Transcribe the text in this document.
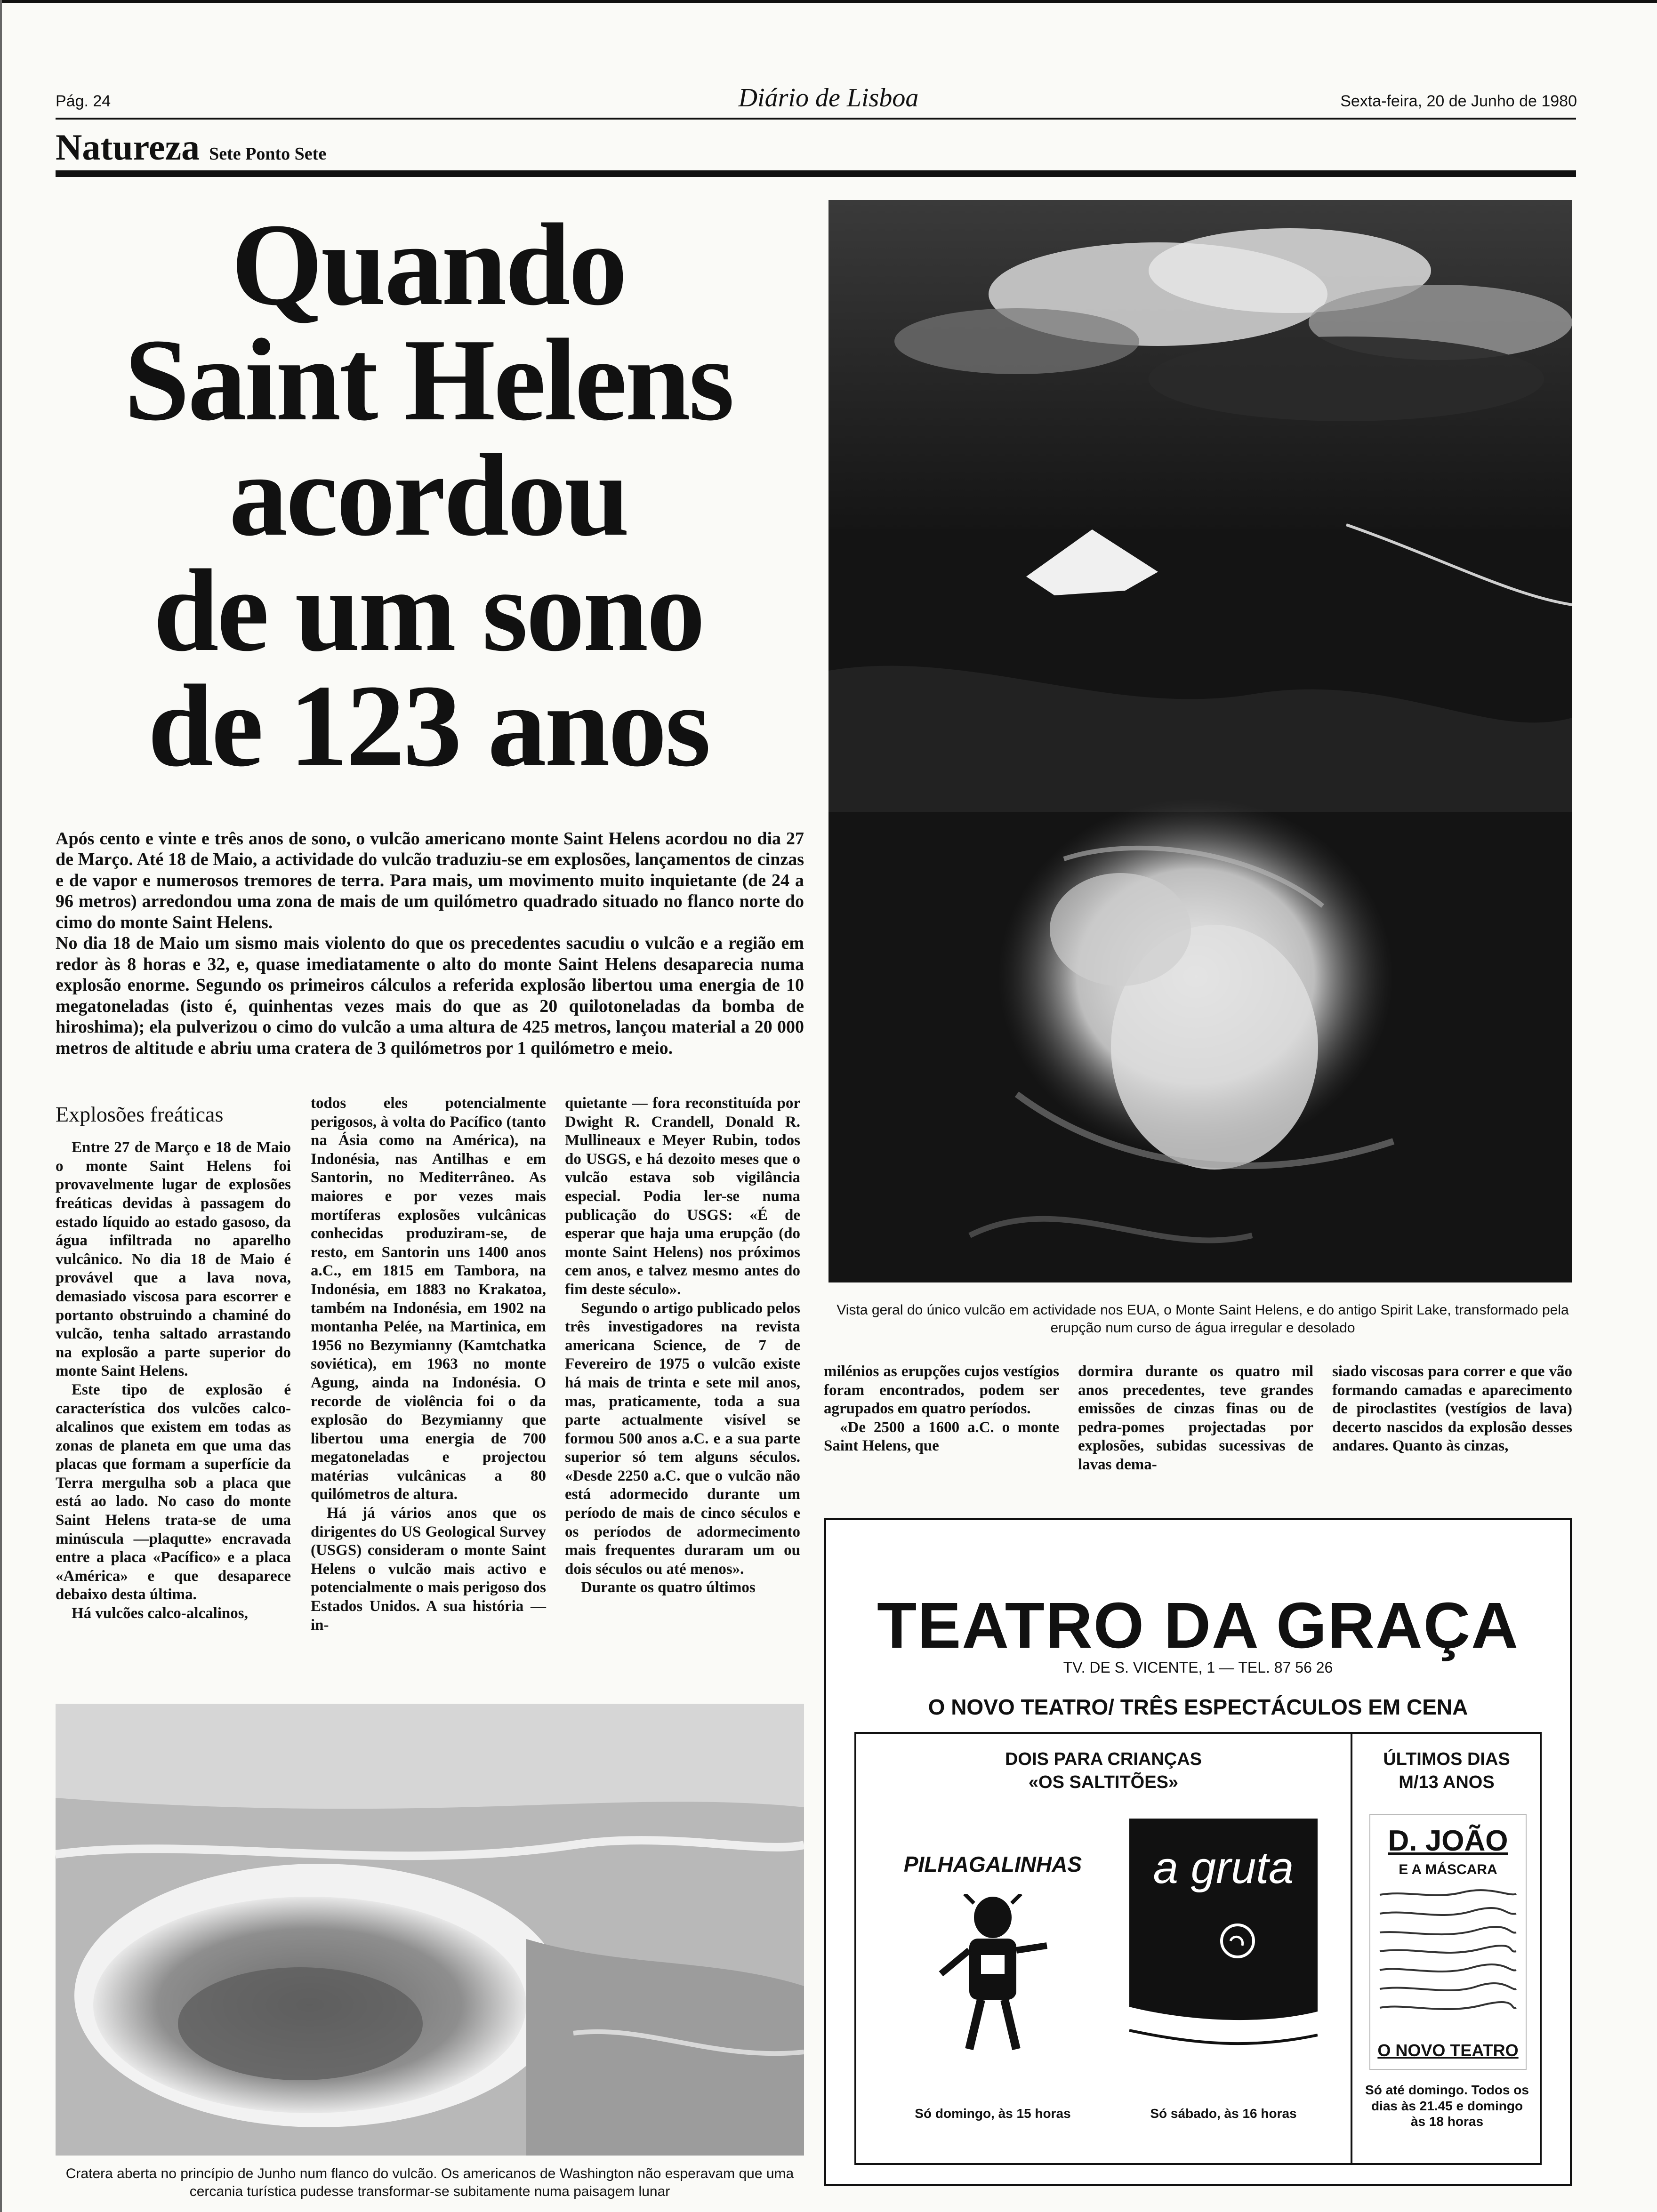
Pág. 24	Diário de Lisboa	Sexta-feira, 20 de Junho de 1980
Natureza Sete Ponto Sete
Quando
Saint Helens
acordou
de um sono
de 123 anos

Após cento e vinte e três anos de sono, o vulcão americano monte Saint Helens acordou no dia 27 de Março. Até 18 de Maio, a actividade do vulcão traduziu-se em explosões, lançamentos de cinzas e de vapor e numerosos tremores de terra. Para mais, um movimento muito inquietante (de 24 a 96 metros) arredondou uma zona de mais de um quilómetro quadrado situado no flanco norte do cimo do monte Saint Helens.

No dia 18 de Maio um sismo mais violento do que os precedentes sacudiu o vulcão e a região em redor às 8 horas e 32, e, quase imediatamente o alto do monte Saint Helens desaparecia numa explosão enorme. Segundo os primeiros cálculos a referida explosão libertou uma energia de 10 megatoneladas (isto é, quinhentas vezes mais do que as 20 quilotoneladas da bomba de hiroshima); ela pulverizou o cimo do vulcão a uma altura de 425 metros, lançou material a 20 000 metros de altitude e abriu uma cratera de 3 quilómetros por 1 quilómetro e meio.

Explosões freáticas

Entre 27 de Março e 18 de Maio o monte Saint Helens foi provavelmente lugar de explosões freáticas devidas à passagem do estado líquido ao estado gasoso, da água infiltrada no aparelho vulcânico. No dia 18 de Maio é provável que a lava nova, demasiado viscosa para escorrer e portanto obstruindo a chaminé do vulcão, tenha saltado arrastando na explosão a parte superior do monte Saint Helens.

Este tipo de explosão é característica dos vulcões calco-alcalinos que existem em todas as zonas de planeta em que uma das placas que formam a superfície da Terra mergulha sob a placa que está ao lado. No caso do monte Saint Helens trata-se de uma minúscula —plaqutte» encravada entre a placa «Pacífico» e a placa «América» e que desaparece debaixo desta última.

Há vulcões calco-alcalinos,

todos eles potencialmente perigosos, à volta do Pacífico (tanto na Ásia como na América), na Indonésia, nas Antilhas e em Santorin, no Mediterrâneo. As maiores e por vezes mais mortíferas explosões vulcânicas conhecidas produziram-se, de resto, em Santorin uns 1400 anos a.C., em 1815 em Tambora, na Indonésia, em 1883 no Krakatoa, também na Indonésia, em 1902 na montanha Pelée, na Martinica, em 1956 no Bezymianny (Kamtchatka soviética), em 1963 no monte Agung, ainda na Indonésia. O recorde de violência foi o da explosão do Bezymianny que libertou uma energia de 700 megatoneladas e projectou matérias vulcânicas a 80 quilómetros de altura.

Há já vários anos que os dirigentes do US Geological Survey (USGS) consideram o monte Saint Helens o vulcão mais activo e potencialmente o mais perigoso dos Estados Unidos. A sua história — in-

quietante — fora reconstituída por Dwight R. Crandell, Donald R. Mullineaux e Meyer Rubin, todos do USGS, e há dezoito meses que o vulcão estava sob vigilância especial. Podia ler-se numa publicação do USGS: «É de esperar que haja uma erupção (do monte Saint Helens) nos próximos cem anos, e talvez mesmo antes do fim deste século».

Segundo o artigo publicado pelos três investigadores na revista americana Science, de 7 de Fevereiro de 1975 o vulcão existe há mais de trinta e sete mil anos, mas, praticamente, toda a sua parte actualmente visível se formou 500 anos a.C. e a sua parte superior só tem alguns séculos. «Desde 2250 a.C. que o vulcão não está adormecido durante um período de mais de cinco séculos e os períodos de adormecimento mais frequentes duraram um ou dois séculos ou até menos».

Durante os quatro últimos

milénios as erupções cujos vestígios foram encontrados, podem ser agrupados em quatro períodos.

«De 2500 a 1600 a.C. o monte Saint Helens, que

dormira durante os quatro mil anos precedentes, teve grandes emissões de cinzas finas ou de pedra-pomes projectadas por explosões, subidas sucessivas de lavas dema-

siado viscosas para correr e que vão formando camadas e aparecimento de piroclastites (vestígios de lava) decerto nascidos da explosão desses andares. Quanto às cinzas,

Vista geral do único vulcão em actividade nos EUA, o Monte Saint Helens, e do antigo Spirit Lake, transformado pela erupção num curso de água irregular e desolado
Cratera aberta no princípio de Junho num flanco do vulcão. Os americanos de Washington não esperavam que uma cercania turística pudesse transformar-se subitamente numa paisagem lunar
TEATRO DA GRAÇA
TV. DE S. VICENTE, 1 — TEL. 87 56 26
O NOVO TEATRO/ TRÊS ESPECTÁCULOS EM CENA
DOIS PARA CRIANÇAS
«OS SALTITÕES»
ÚLTIMOS DIAS
M/13 ANOS
PILHAGALINHAS
Só domingo, às 15 horas
a gruta
Só sábado, às 16 horas
D. JOÃO
E A MÁSCARA
O NOVO TEATRO
Só até domingo. Todos os dias às 21.45 e domingo às 18 horas
